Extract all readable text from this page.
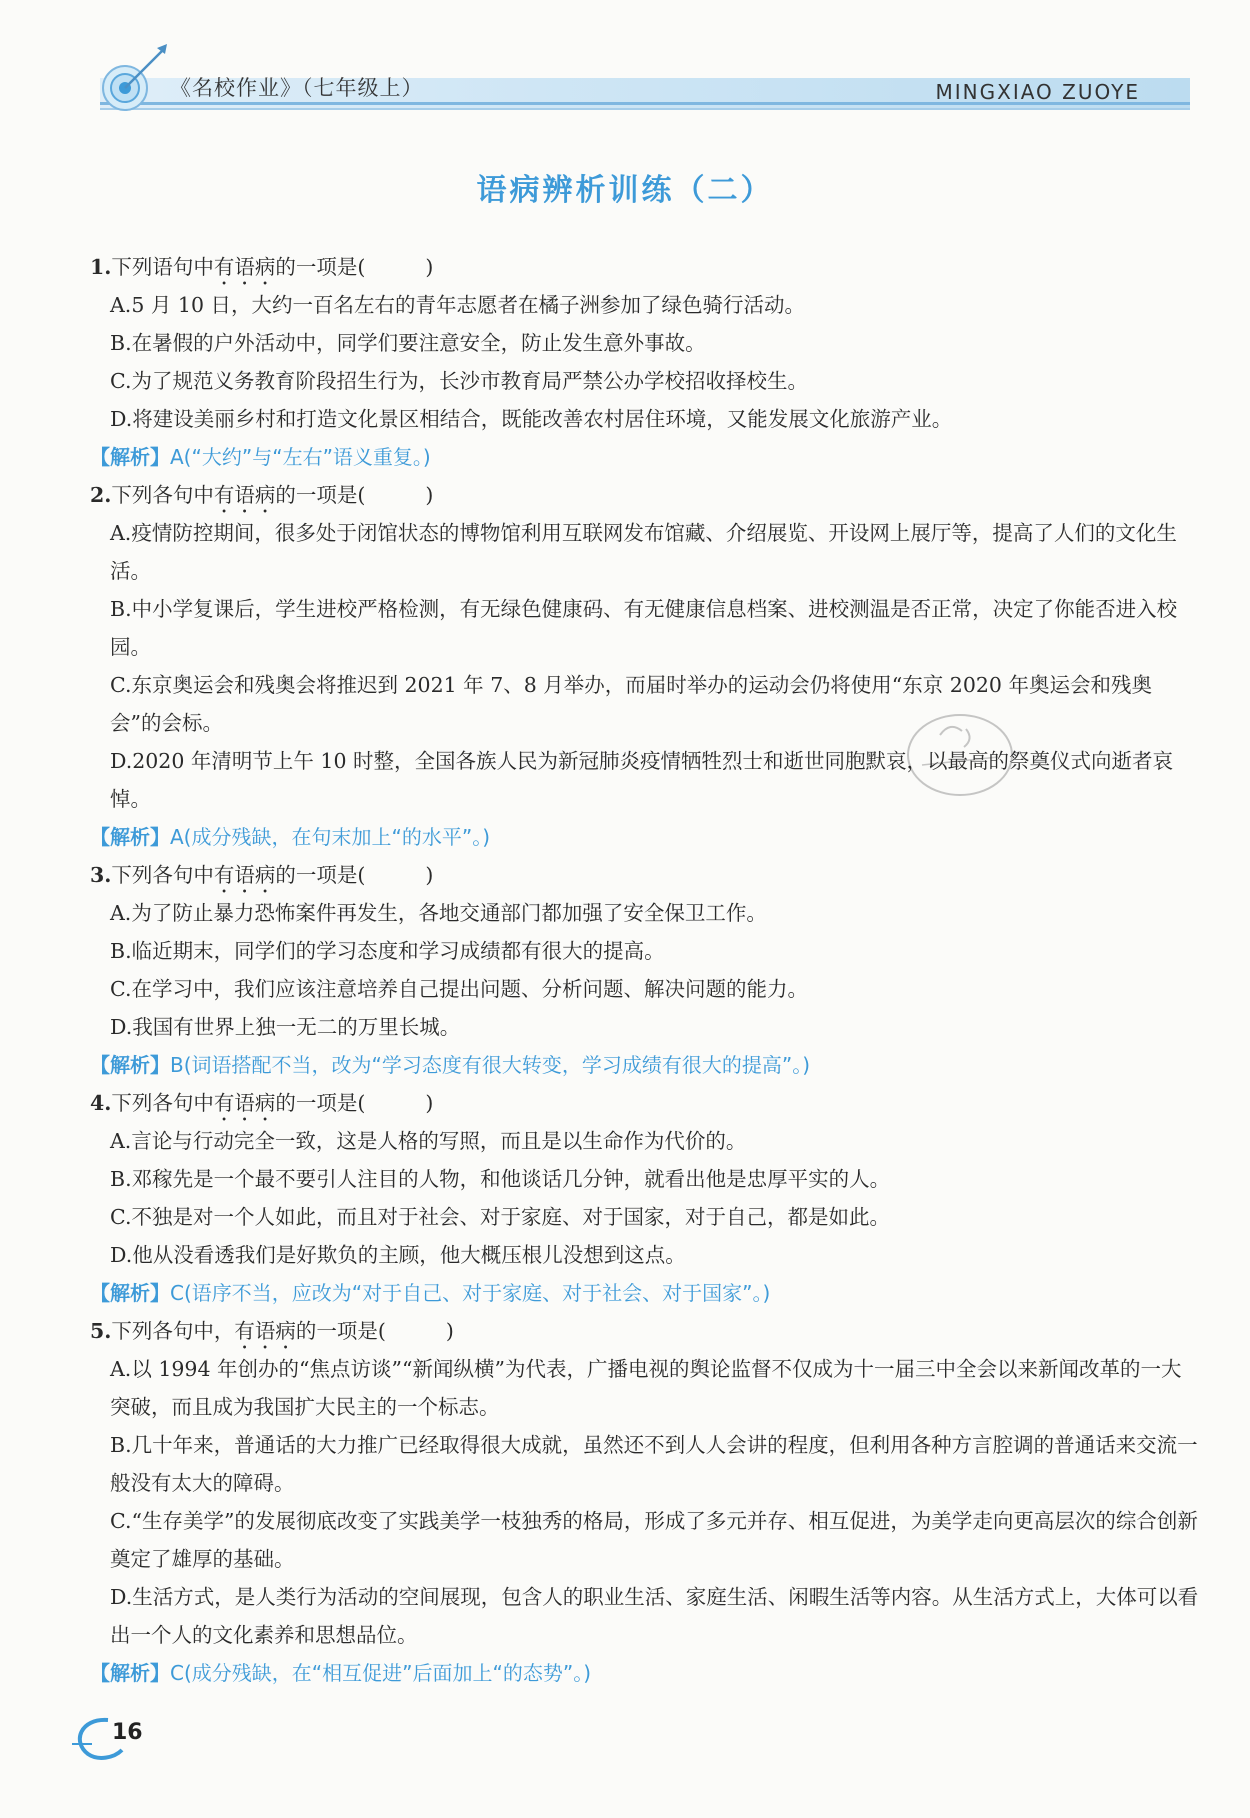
《名校作业》（七年级上）	MINGXIAO ZUOYE
语病辨析训练（二）
1.下列语句中有语病的一项是(	)
A.5 月 10 日，大约一百名左右的青年志愿者在橘子洲参加了绿色骑行活动。
B.在暑假的户外活动中，同学们要注意安全，防止发生意外事故。
C.为了规范义务教育阶段招生行为，长沙市教育局严禁公办学校招收择校生。
D.将建设美丽乡村和打造文化景区相结合，既能改善农村居住环境，又能发展文化旅游产业。
【解析】A(“大约”与“左右”语义重复。)
2.下列各句中有语病的一项是(	)
A.疫情防控期间，很多处于闭馆状态的博物馆利用互联网发布馆藏、介绍展览、开设网上展厅等，提高了人们的文化生活。
B.中小学复课后，学生进校严格检测，有无绿色健康码、有无健康信息档案、进校测温是否正常，决定了你能否进入校园。
C.东京奥运会和残奥会将推迟到 2021 年 7、8 月举办，而届时举办的运动会仍将使用“东京 2020 年奥运会和残奥会”的会标。
D.2020 年清明节上午 10 时整，全国各族人民为新冠肺炎疫情牺牲烈士和逝世同胞默哀，以最高的祭奠仪式向逝者哀悼。
【解析】A(成分残缺，在句末加上“的水平”。)
3.下列各句中有语病的一项是(	)
A.为了防止暴力恐怖案件再发生，各地交通部门都加强了安全保卫工作。
B.临近期末，同学们的学习态度和学习成绩都有很大的提高。
C.在学习中，我们应该注意培养自己提出问题、分析问题、解决问题的能力。
D.我国有世界上独一无二的万里长城。
【解析】B(词语搭配不当，改为“学习态度有很大转变，学习成绩有很大的提高”。)
4.下列各句中有语病的一项是(	)
A.言论与行动完全一致，这是人格的写照，而且是以生命作为代价的。
B.邓稼先是一个最不要引人注目的人物，和他谈话几分钟，就看出他是忠厚平实的人。
C.不独是对一个人如此，而且对于社会、对于家庭、对于国家，对于自己，都是如此。
D.他从没看透我们是好欺负的主顾，他大概压根儿没想到这点。
【解析】C(语序不当，应改为“对于自己、对于家庭、对于社会、对于国家”。)
5.下列各句中，有语病的一项是(	)
A.以 1994 年创办的“焦点访谈”“新闻纵横”为代表，广播电视的舆论监督不仅成为十一届三中全会以来新闻改革的一大突破，而且成为我国扩大民主的一个标志。
B.几十年来，普通话的大力推广已经取得很大成就，虽然还不到人人会讲的程度，但利用各种方言腔调的普通话来交流一般没有太大的障碍。
C.“生存美学”的发展彻底改变了实践美学一枝独秀的格局，形成了多元并存、相互促进，为美学走向更高层次的综合创新奠定了雄厚的基础。
D.生活方式，是人类行为活动的空间展现，包含人的职业生活、家庭生活、闲暇生活等内容。从生活方式上，大体可以看出一个人的文化素养和思想品位。
【解析】C(成分残缺，在“相互促进”后面加上“的态势”。)
16
